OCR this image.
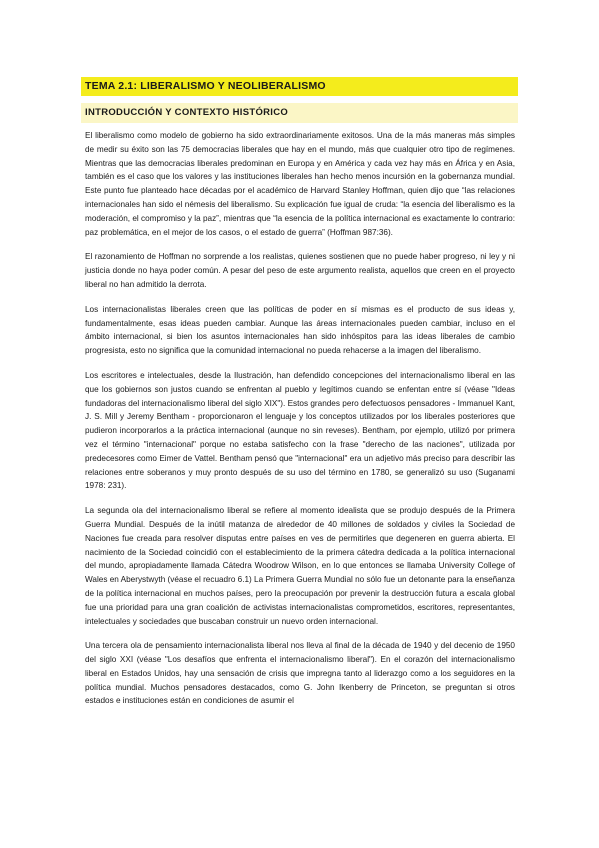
TEMA 2.1: LIBERALISMO Y NEOLIBERALISMO
INTRODUCCIÓN Y CONTEXTO HISTÓRICO

El liberalismo como modelo de gobierno ha sido extraordinariamente exitosos. Una de la más maneras más simples de medir su éxito son las 75 democracias liberales que hay en el mundo, más que cualquier otro tipo de regímenes. Mientras que las democracias liberales predominan en Europa y en América y cada vez hay más en África y en Asia, también es el caso que los valores y las instituciones liberales han hecho menos incursión en la gobernanza mundial. Este punto fue planteado hace décadas por el académico de Harvard Stanley Hoffman, quien dijo que “las relaciones internacionales han sido el némesis del liberalismo. Su explicación fue igual de cruda: “la esencia del liberalismo es la moderación, el compromiso y la paz”, mientras que “la esencia de la política internacional es exactamente lo contrario: paz problemática, en el mejor de los casos, o el estado de guerra” (Hoffman 987:36).

El razonamiento de Hoffman no sorprende a los realistas, quienes sostienen que no puede haber progreso, ni ley y ni justicia donde no haya poder común. A pesar del peso de este argumento realista, aquellos que creen en el proyecto liberal no han admitido la derrota.

Los internacionalistas liberales creen que las políticas de poder en sí mismas es el producto de sus ideas y, fundamentalmente, esas ideas pueden cambiar. Aunque las áreas internacionales pueden cambiar, incluso en el ámbito internacional, si bien los asuntos internacionales han sido inhóspitos para las ideas liberales de cambio progresista, esto no significa que la comunidad internacional no pueda rehacerse a la imagen del liberalismo.

Los escritores e intelectuales, desde la Ilustración, han defendido concepciones del internacionalismo liberal en las que los gobiernos son justos cuando se enfrentan al pueblo y legítimos cuando se enfentan entre sí (véase "Ideas fundadoras del internacionalismo liberal del siglo XIX"). Estos grandes pero defectuosos pensadores - Immanuel Kant, J. S. Mill y Jeremy Bentham - proporcionaron el lenguaje y los conceptos utilizados por los liberales posteriores que pudieron incorporarlos a la práctica internacional (aunque no sin reveses). Bentham, por ejemplo, utilizó por primera vez el término "internacional" porque no estaba satisfecho con la frase "derecho de las naciones", utilizada por predecesores como Eimer de Vattel. Bentham pensó que "internacional" era un adjetivo más preciso para describir las relaciones entre soberanos y muy pronto después de su uso del término en 1780, se generalizó su uso (Suganami 1978: 231).

La segunda ola del internacionalismo liberal se refiere al momento idealista que se produjo después de la Primera Guerra Mundial. Después de la inútil matanza de alrededor de 40 millones de soldados y civiles la Sociedad de Naciones fue creada para resolver disputas entre países en ves de permitirles que degeneren en guerra abierta. El nacimiento de la Sociedad coincidió con el establecimiento de la primera cátedra dedicada a la política internacional del mundo, apropiadamente llamada Cátedra Woodrow Wilson, en lo que entonces se llamaba University College of Wales en Aberystwyth (véase el recuadro 6.1) La Primera Guerra Mundial no sólo fue un detonante para la enseñanza de la política internacional en muchos países, pero la preocupación por prevenir la destrucción futura a escala global fue una prioridad para una gran coalición de activistas internacionalistas comprometidos, escritores, representantes, intelectuales y sociedades que buscaban construir un nuevo orden internacional.

Una tercera ola de pensamiento internacionalista liberal nos lleva al final de la década de 1940 y del decenio de 1950 del siglo XXI (véase "Los desafíos que enfrenta el internacionalismo liberal"). En el corazón del internacionalismo liberal en Estados Unidos, hay una sensación de crisis que impregna tanto al liderazgo como a los seguidores en la política mundial. Muchos pensadores destacados, como G. John Ikenberry de Princeton, se preguntan si otros estados e instituciones están en condiciones de asumir el
